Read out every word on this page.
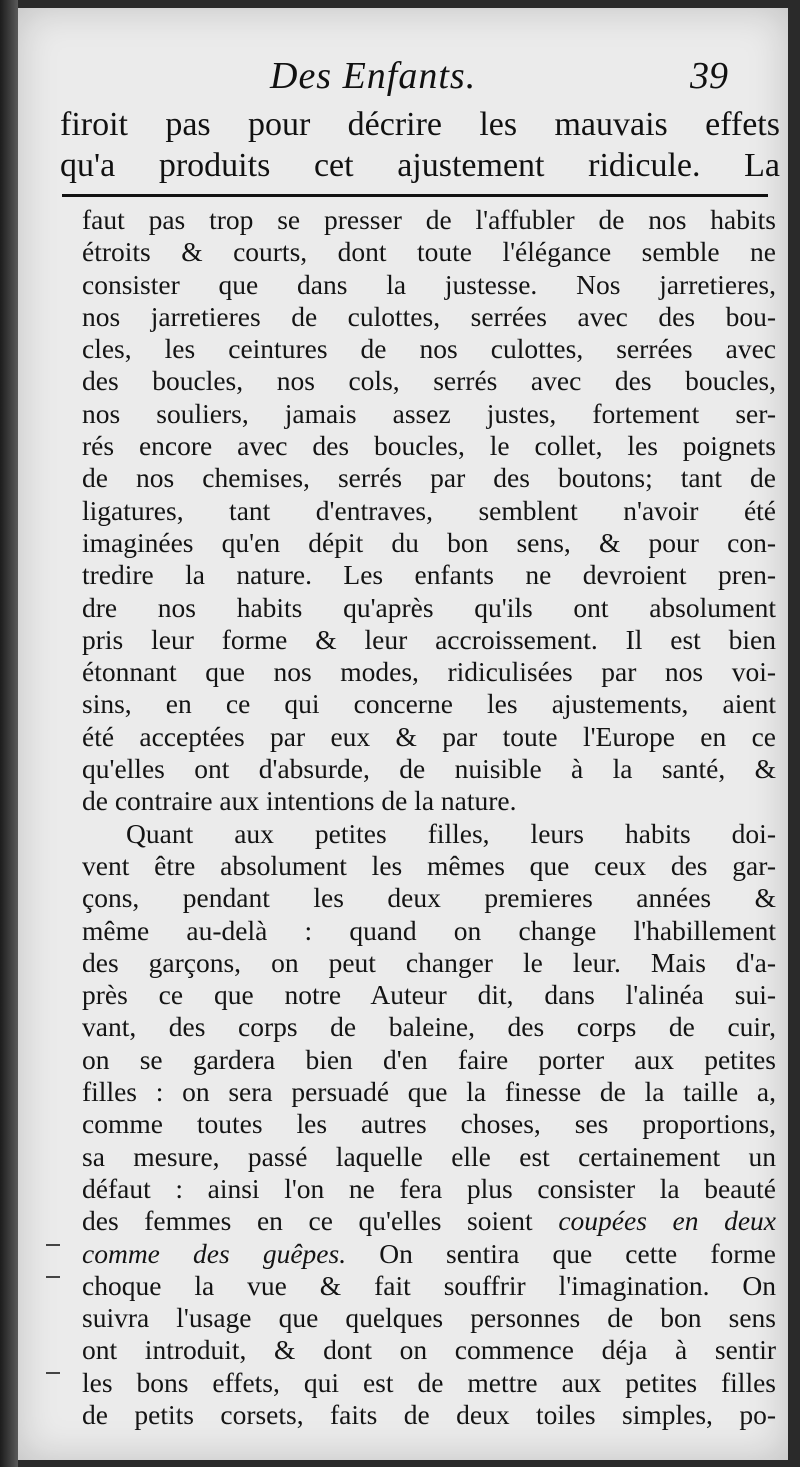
Des Enfants.	39
firoit pas pour décrire les mauvais effets
qu'a produits cet ajustement ridicule. La
faut pas trop se presser de l'affubler de nos habits
étroits & courts, dont toute l'élégance semble ne
consister que dans la justesse. Nos jarretieres,
nos jarretieres de culottes, serrées avec des bou-
cles, les ceintures de nos culottes, serrées avec
des boucles, nos cols, serrés avec des boucles,
nos souliers, jamais assez justes, fortement ser-
rés encore avec des boucles, le collet, les poignets
de nos chemises, serrés par des boutons; tant de
ligatures, tant d'entraves, semblent n'avoir été
imaginées qu'en dépit du bon sens, & pour con-
tredire la nature. Les enfants ne devroient pren-
dre nos habits qu'après qu'ils ont absolument
pris leur forme & leur accroissement. Il est bien
étonnant que nos modes, ridiculisées par nos voi-
sins, en ce qui concerne les ajustements, aient
été acceptées par eux & par toute l'Europe en ce
qu'elles ont d'absurde, de nuisible à la santé, &
de contraire aux intentions de la nature.
Quant aux petites filles, leurs habits doi-
vent être absolument les mêmes que ceux des gar-
çons, pendant les deux premieres années &
même au-delà : quand on change l'habillement
des garçons, on peut changer le leur. Mais d'a-
près ce que notre Auteur dit, dans l'alinéa sui-
vant, des corps de baleine, des corps de cuir,
on se gardera bien d'en faire porter aux petites
filles : on sera persuadé que la finesse de la taille a,
comme toutes les autres choses, ses proportions,
sa mesure, passé laquelle elle est certainement un
défaut : ainsi l'on ne fera plus consister la beauté
des femmes en ce qu'elles soient coupées en deux
comme des guêpes. On sentira que cette forme
choque la vue & fait souffrir l'imagination. On
suivra l'usage que quelques personnes de bon sens
ont introduit, & dont on commence déja à sentir
les bons effets, qui est de mettre aux petites filles
de petits corsets, faits de deux toiles simples, po-
